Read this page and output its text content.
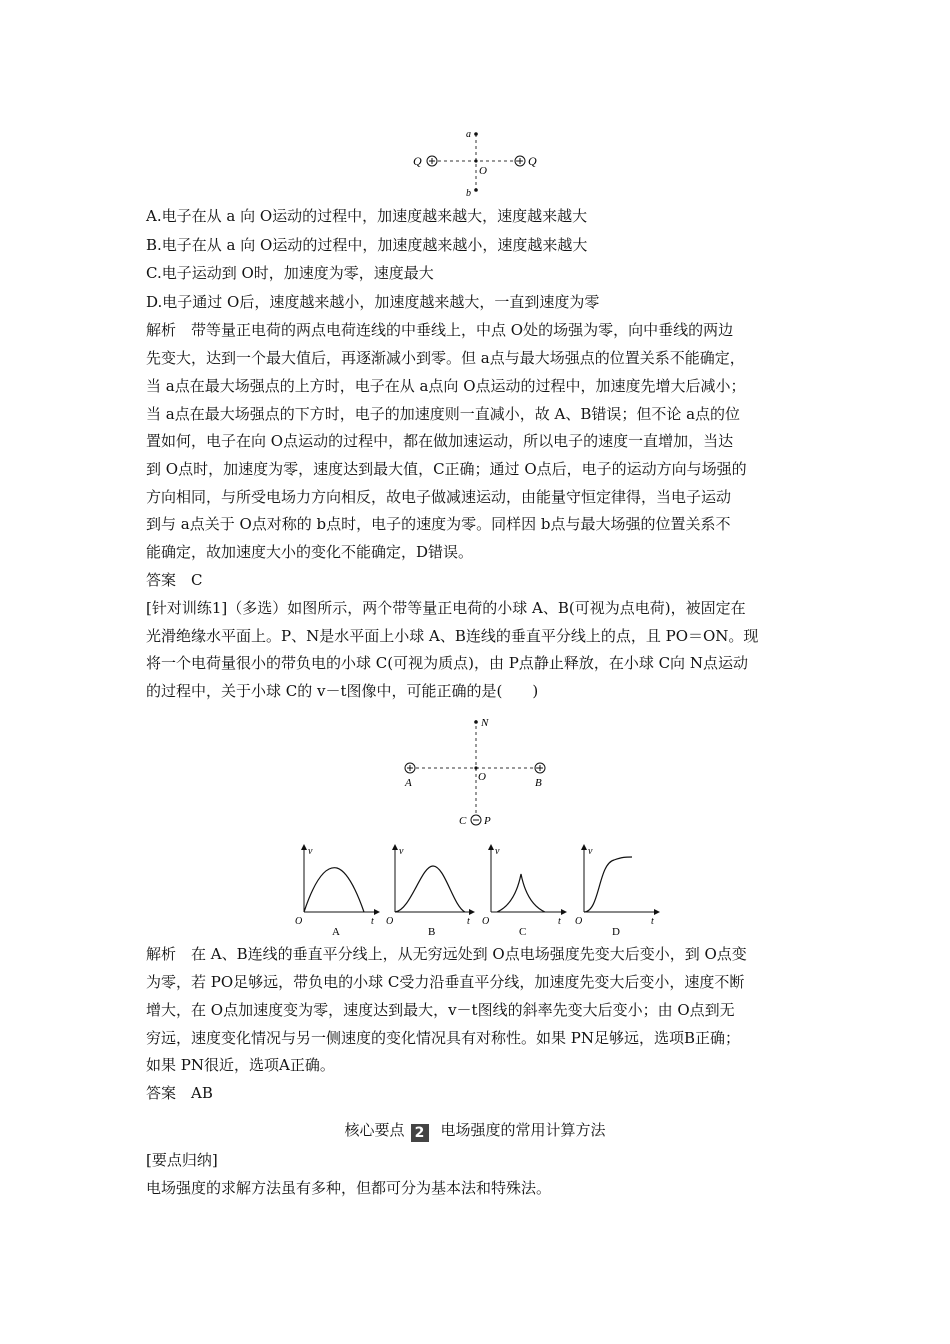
a
b
O
Q	Q
A.电子在从 a 向 O运动的过程中，加速度越来越大，速度越来越大
B.电子在从 a 向 O运动的过程中，加速度越来越小，速度越来越大
C.电子运动到 O时，加速度为零，速度最大
D.电子通过 O后，速度越来越小，加速度越来越大，一直到速度为零
解析　带等量正电荷的两点电荷连线的中垂线上，中点 O处的场强为零，向中垂线的两边
先变大，达到一个最大值后，再逐渐减小到零。但 a点与最大场强点的位置关系不能确定，
当 a点在最大场强点的上方时，电子在从 a点向 O点运动的过程中，加速度先增大后减小；
当 a点在最大场强点的下方时，电子的加速度则一直减小，故 A、B错误；但不论 a点的位
置如何，电子在向 O点运动的过程中，都在做加速运动，所以电子的速度一直增加，当达
到 O点时，加速度为零，速度达到最大值，C正确；通过 O点后，电子的运动方向与场强的
方向相同，与所受电场力方向相反，故电子做减速运动，由能量守恒定律得，当电子运动
到与 a点关于 O点对称的 b点时，电子的速度为零。同样因 b点与最大场强的位置关系不
能确定，故加速度大小的变化不能确定，D错误。
答案　C
[针对训练1]（多选）如图所示，两个带等量正电荷的小球 A、B(可视为点电荷)，被固定在
光滑绝缘水平面上。P、N是水平面上小球 A、B连线的垂直平分线上的点，且 PO＝ON。现
将一个电荷量很小的带负电的小球 C(可视为质点)，由 P点静止释放，在小球 C向 N点运动
的过程中，关于小球 C的 v－t图像中，可能正确的是(　　)
N
A	B
O
C P
v
t
O
A
v
t
O
B
v
t
O
C
v
t
O
D
解析　在 A、B连线的垂直平分线上，从无穷远处到 O点电场强度先变大后变小，到 O点变
为零，若 PO足够远，带负电的小球 C受力沿垂直平分线，加速度先变大后变小，速度不断
增大，在 O点加速度变为零，速度达到最大，v－t图线的斜率先变大后变小；由 O点到无
穷远，速度变化情况与另一侧速度的变化情况具有对称性。如果 PN足够远，选项B正确；
如果 PN很近，选项A正确。
答案　AB
核心要点 2 电场强度的常用计算方法
[要点归纳]
电场强度的求解方法虽有多种，但都可分为基本法和特殊法。
